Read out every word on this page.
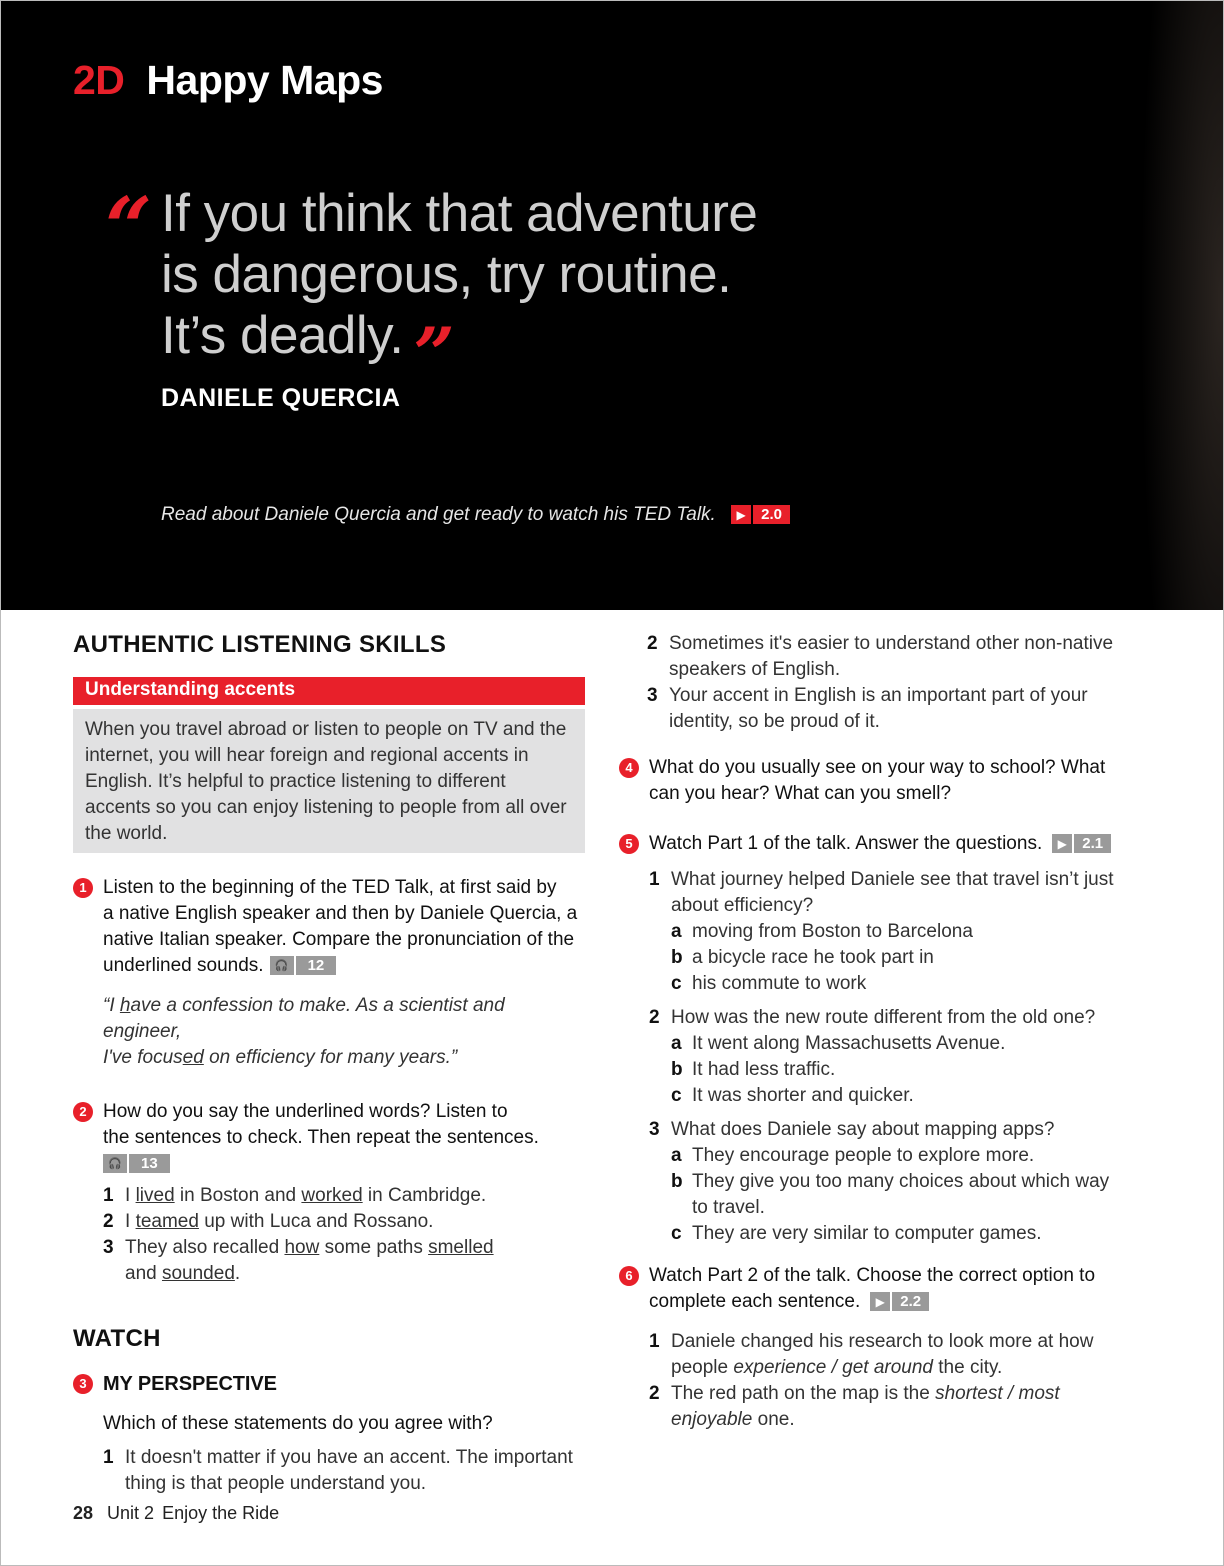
2D Happy Maps
“ If you think that adventure
is dangerous, try routine.
It’s deadly. ”
DANIELE QUERCIA
Read about Daniele Quercia and get ready to watch his TED Talk.	▶	2.0
AUTHENTIC LISTENING SKILLS
Understanding accents
When you travel abroad or listen to people on TV and the internet, you will hear foreign and regional accents in English. It’s helpful to practice listening to different accents so you can enjoy listening to people from all over the world.
1 Listen to the beginning of the TED Talk, at first said by
a native English speaker and then by Daniele Quercia, a
native Italian speaker. Compare the pronunciation of the
underlined sounds.	🎧	12
“I have a confession to make. As a scientist and engineer,
I've focused on efficiency for many years.”
2 How do you say the underlined words? Listen to
the sentences to check. Then repeat the sentences.
🎧	13
1 I lived in Boston and worked in Cambridge.
2 I teamed up with Luca and Rossano.
3 They also recalled how some paths smelled
and sounded.
WATCH
3 MY PERSPECTIVE
Which of these statements do you agree with?
1 It doesn't matter if you have an accent. The important thing is that people understand you.
2 Sometimes it's easier to understand other non-native speakers of English.
3 Your accent in English is an important part of your identity, so be proud of it.
4 What do you usually see on your way to school? What
can you hear? What can you smell?
5 Watch Part 1 of the talk. Answer the questions.	▶	2.1
1 What journey helped Daniele see that travel isn’t just
about efficiency?
a moving from Boston to Barcelona
b a bicycle race he took part in
c his commute to work
2 How was the new route different from the old one?
a It went along Massachusetts Avenue.
b It had less traffic.
c It was shorter and quicker.
3 What does Daniele say about mapping apps?
a They encourage people to explore more.
b They give you too many choices about which way to travel.
c They are very similar to computer games.
6 Watch Part 2 of the talk. Choose the correct option to
complete each sentence.	▶	2.2
1 Daniele changed his research to look more at how
people experience / get around the city.
2 The red path on the map is the shortest / most
enjoyable one.
28 Unit 2 Enjoy the Ride
